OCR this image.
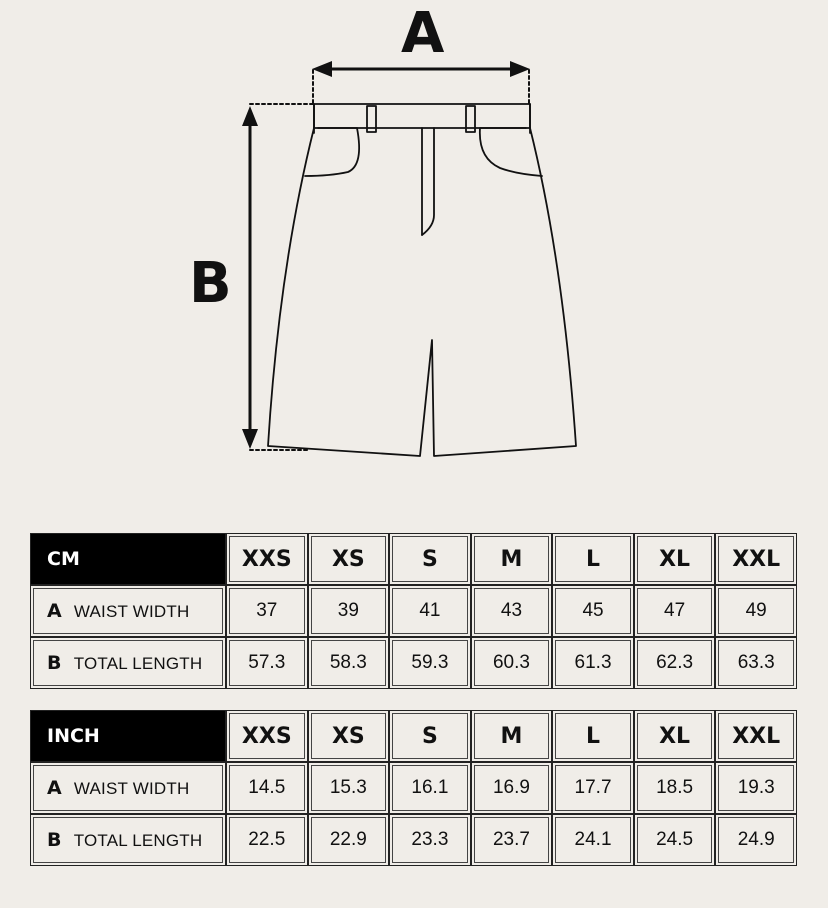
A
B
CM	XXS	XS	S	M	L	XL	XXL
A WAIST WIDTH	37	39	41	43	45	47	49
B TOTAL LENGTH	57.3	58.3	59.3	60.3	61.3	62.3	63.3
INCH	XXS	XS	S	M	L	XL	XXL
A WAIST WIDTH	14.5	15.3	16.1	16.9	17.7	18.5	19.3
B TOTAL LENGTH	22.5	22.9	23.3	23.7	24.1	24.5	24.9
